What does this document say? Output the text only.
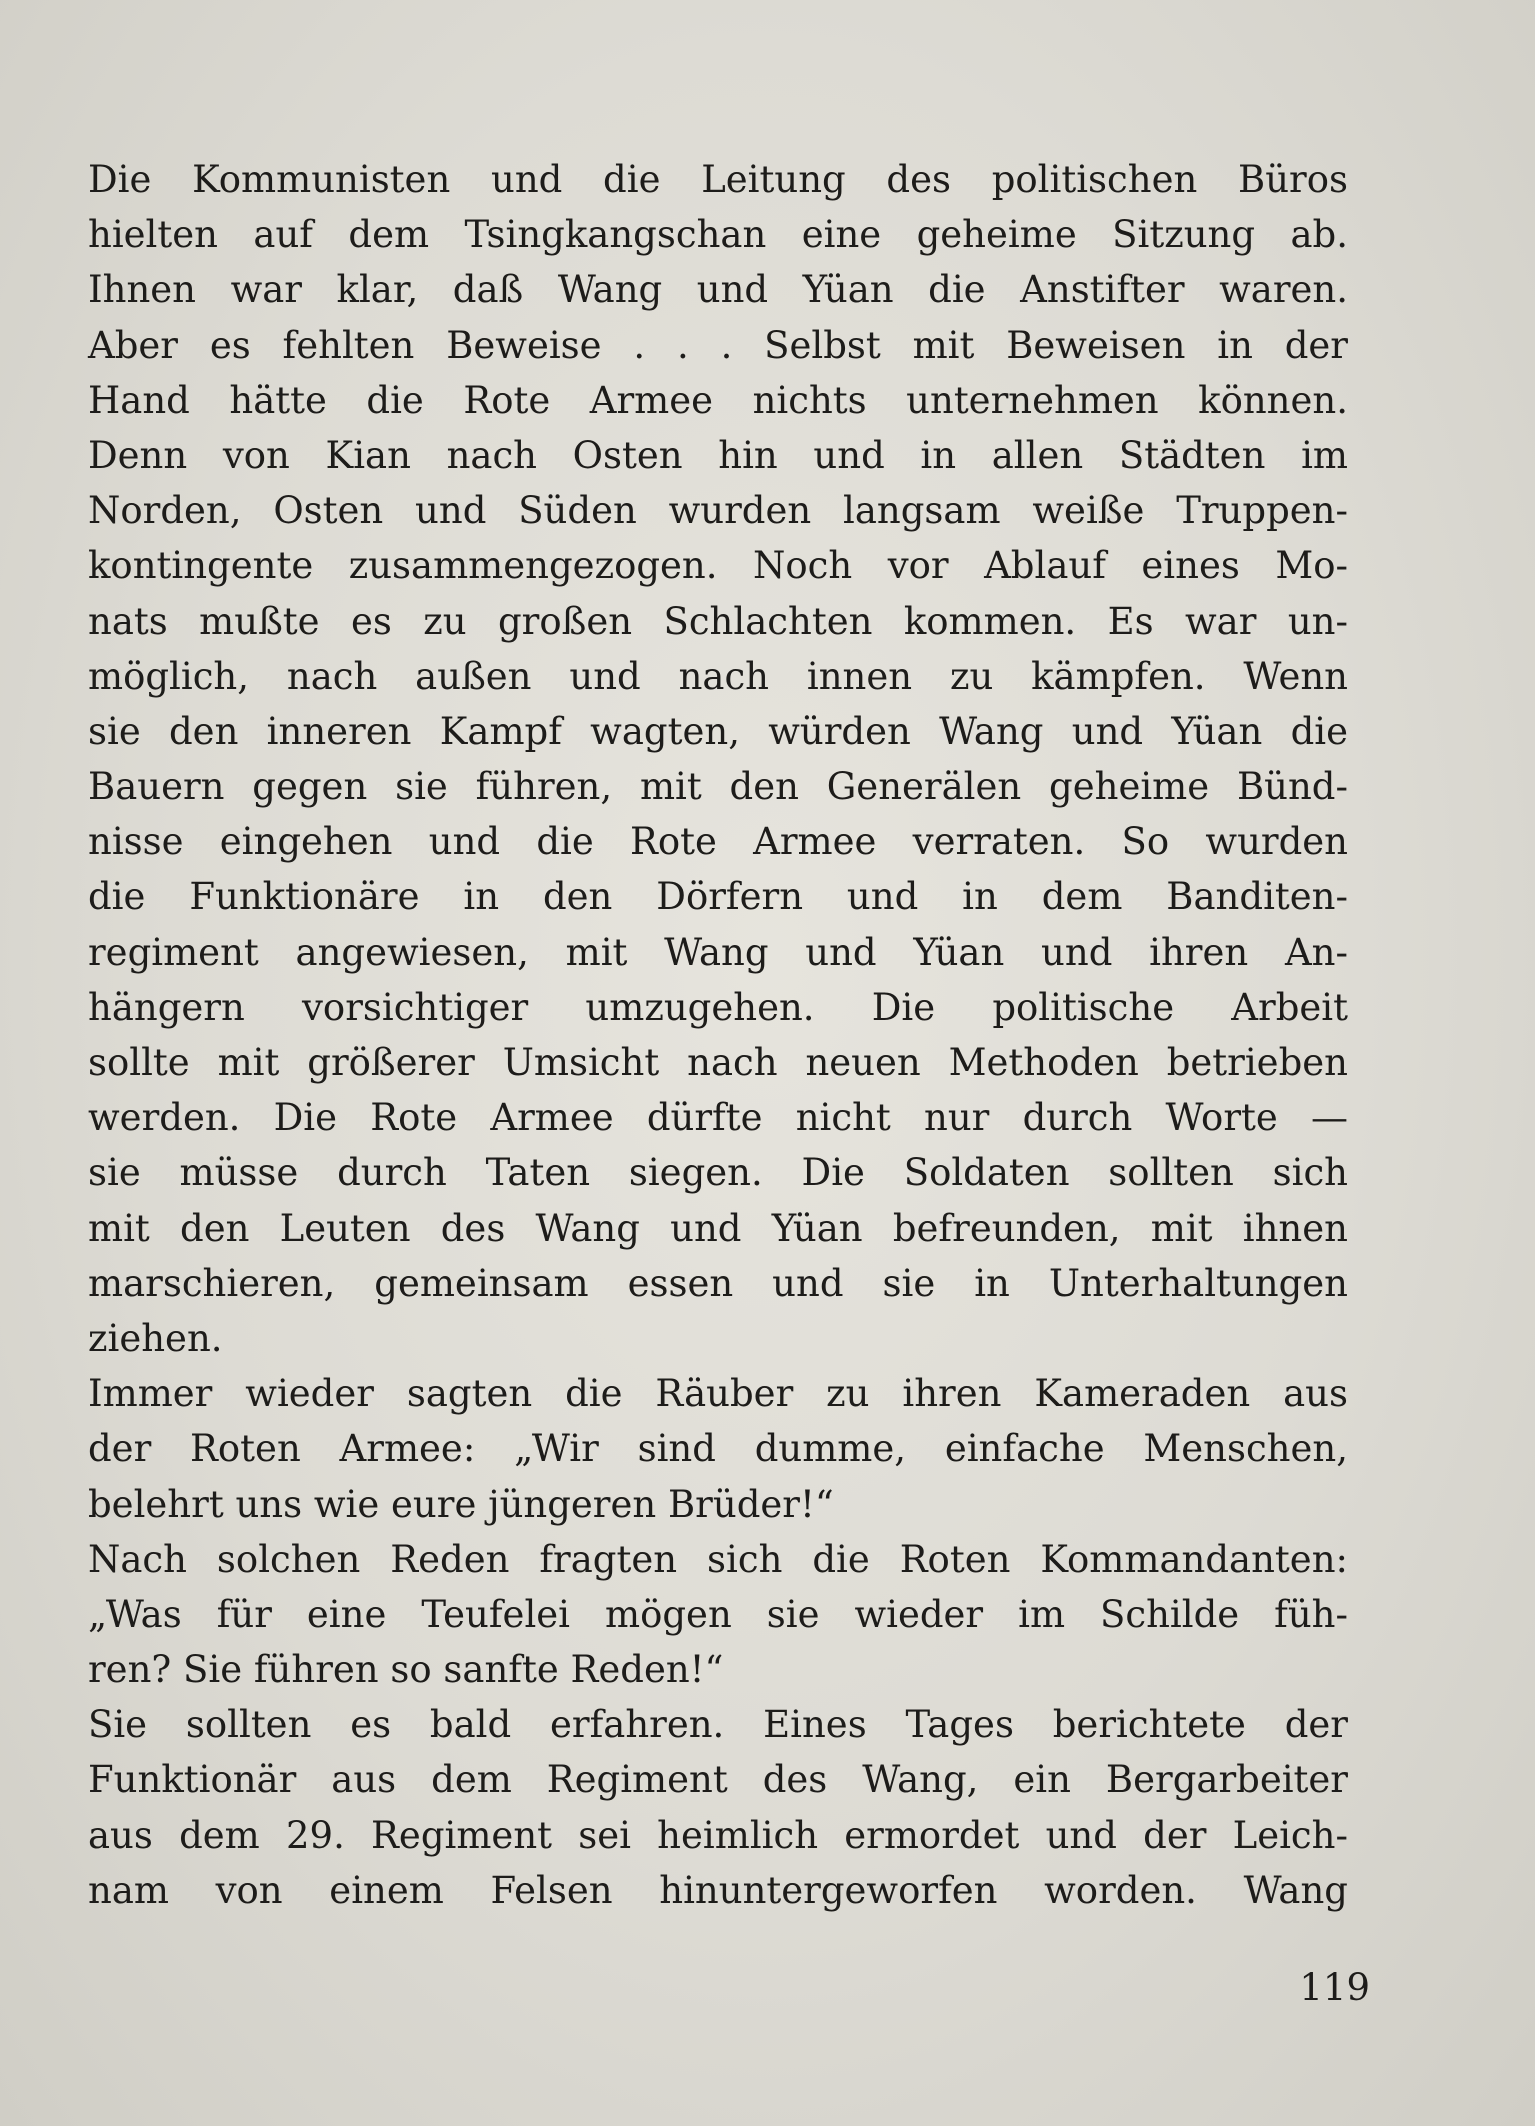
Die Kommunisten und die Leitung des politischen Büros
hielten auf dem Tsingkangschan eine geheime Sitzung ab.
Ihnen war klar, daß Wang und Yüan die Anstifter waren.
Aber es fehlten Beweise . . . Selbst mit Beweisen in der
Hand hätte die Rote Armee nichts unternehmen können.
Denn von Kian nach Osten hin und in allen Städten im
Norden, Osten und Süden wurden langsam weiße Truppen-
kontingente zusammengezogen. Noch vor Ablauf eines Mo-
nats mußte es zu großen Schlachten kommen. Es war un-
möglich, nach außen und nach innen zu kämpfen. Wenn
sie den inneren Kampf wagten, würden Wang und Yüan die
Bauern gegen sie führen, mit den Generälen geheime Bünd-
nisse eingehen und die Rote Armee verraten. So wurden
die Funktionäre in den Dörfern und in dem Banditen-
regiment angewiesen, mit Wang und Yüan und ihren An-
hängern vorsichtiger umzugehen. Die politische Arbeit
sollte mit größerer Umsicht nach neuen Methoden betrieben
werden. Die Rote Armee dürfte nicht nur durch Worte —
sie müsse durch Taten siegen. Die Soldaten sollten sich
mit den Leuten des Wang und Yüan befreunden, mit ihnen
marschieren, gemeinsam essen und sie in Unterhaltungen
ziehen.
Immer wieder sagten die Räuber zu ihren Kameraden aus
der Roten Armee: „Wir sind dumme, einfache Menschen,
belehrt uns wie eure jüngeren Brüder!“
Nach solchen Reden fragten sich die Roten Kommandanten:
„Was für eine Teufelei mögen sie wieder im Schilde füh-
ren? Sie führen so sanfte Reden!“
Sie sollten es bald erfahren. Eines Tages berichtete der
Funktionär aus dem Regiment des Wang, ein Bergarbeiter
aus dem 29. Regiment sei heimlich ermordet und der Leich-
nam von einem Felsen hinuntergeworfen worden. Wang
119
